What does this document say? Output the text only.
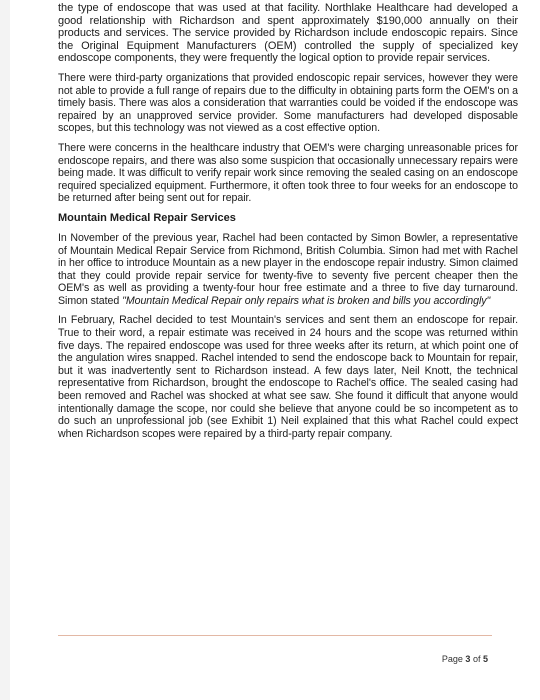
the type of endoscope that was used at that facility. Northlake Healthcare had developed a good relationship with Richardson and spent approximately $190,000 annually on their products and services. The service provided by Richardson include endoscopic repairs. Since the Original Equipment Manufacturers (OEM) controlled the supply of specialized key endoscope components, they were frequently the logical option to provide repair services.

There were third-party organizations that provided endoscopic repair services, however they were not able to provide a full range of repairs due to the difficulty in obtaining parts form the OEM's on a timely basis. There was alos a consideration that warranties could be voided if the endoscope was repaired by an unapproved service provider. Some manufacturers had developed disposable scopes, but this technology was not viewed as a cost effective option.

There were concerns in the healthcare industry that OEM's were charging unreasonable prices for endoscope repairs, and there was also some suspicion that occasionally unnecessary repairs were being made. It was difficult to verify repair work since removing the sealed casing on an endoscope required specialized equipment. Furthermore, it often took three to four weeks for an endoscope to be returned after being sent out for repair.

Mountain Medical Repair Services

In November of the previous year, Rachel had been contacted by Simon Bowler, a representative of Mountain Medical Repair Service from Richmond, British Columbia. Simon had met with Rachel in her office to introduce Mountain as a new player in the endoscope repair industry. Simon claimed that they could provide repair service for twenty-five to seventy five percent cheaper then the OEM's as well as providing a twenty-four hour free estimate and a three to five day turnaround. Simon stated "Mountain Medical Repair only repairs what is broken and bills you accordingly"

In February, Rachel decided to test Mountain's services and sent them an endoscope for repair. True to their word, a repair estimate was received in 24 hours and the scope was returned within five days. The repaired endoscope was used for three weeks after its return, at which point one of the angulation wires snapped. Rachel intended to send the endoscope back to Mountain for repair, but it was inadvertently sent to Richardson instead. A few days later, Neil Knott, the technical representative from Richardson, brought the endoscope to Rachel's office. The sealed casing had been removed and Rachel was shocked at what see saw. She found it difficult that anyone would intentionally damage the scope, nor could she believe that anyone could be so incompetent as to do such an unprofessional job (see Exhibit 1) Neil explained that this what Rachel could expect when Richardson scopes were repaired by a third-party repair company.

Page 3 of 5
